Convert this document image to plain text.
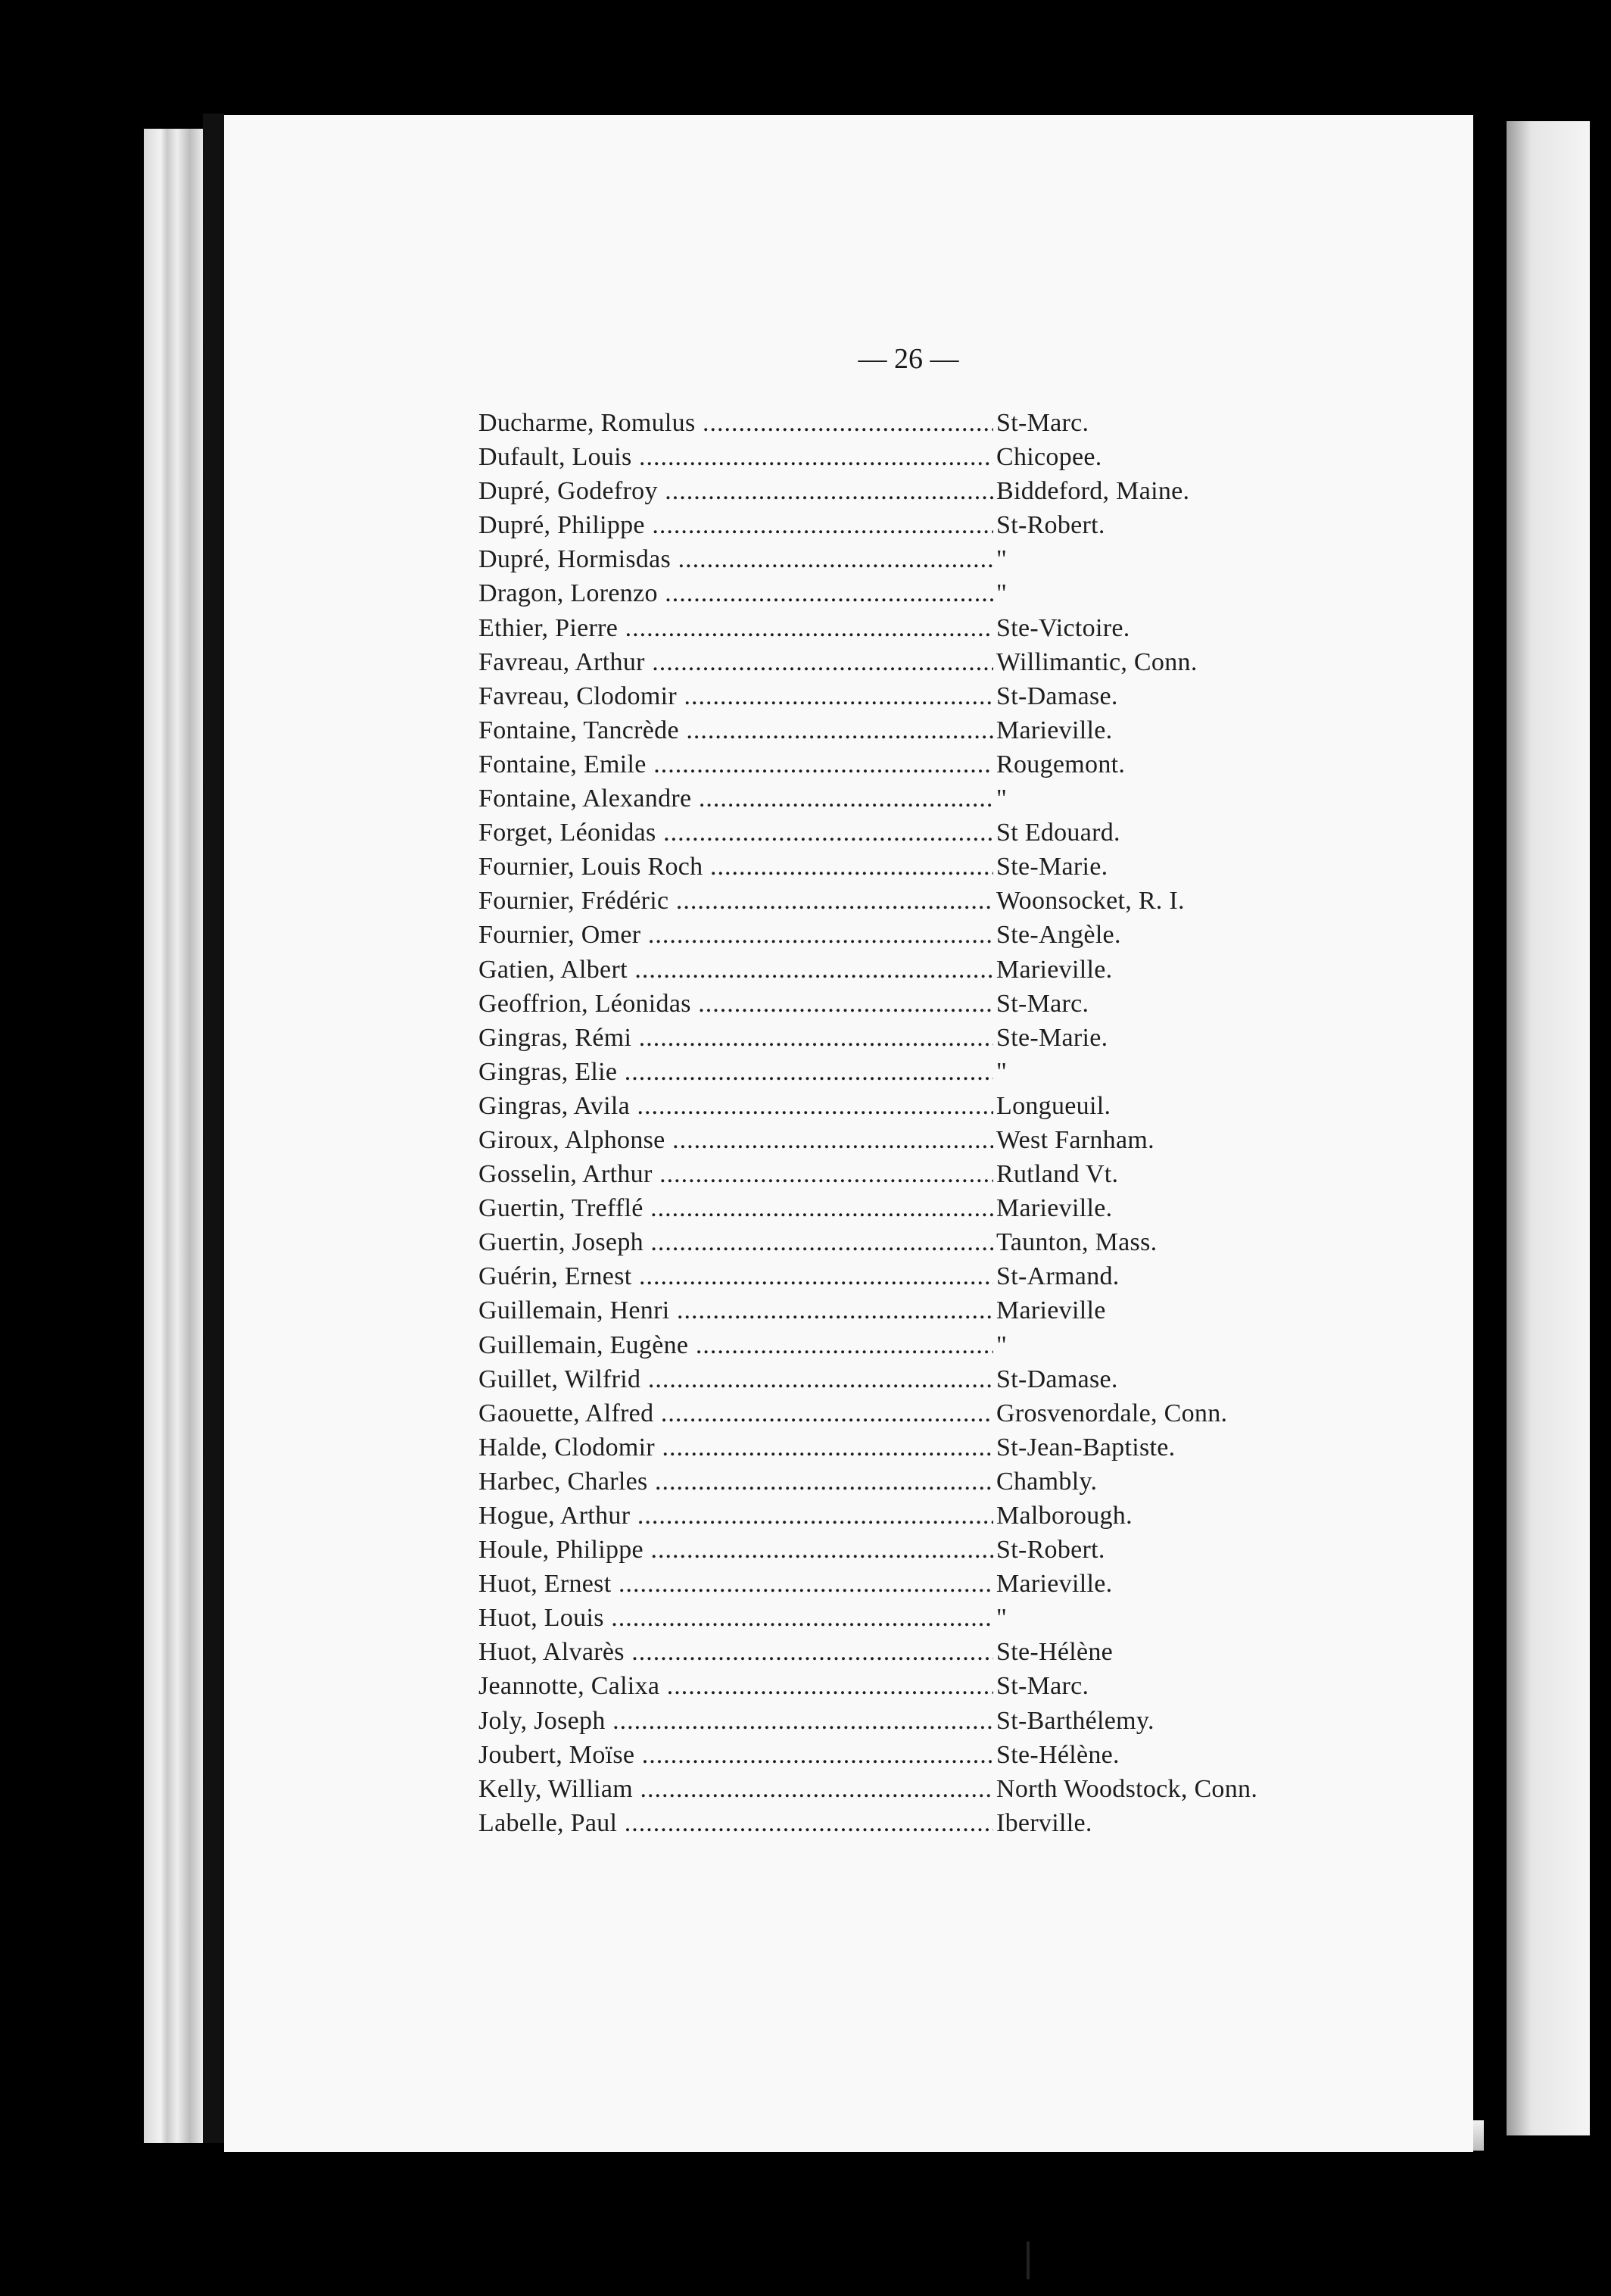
— 26 —
Ducharme, Romulus .....	St-Marc.
Dufault, Louis .....	Chicopee.
Dupré, Godefroy .....	Biddeford, Maine.
Dupré, Philippe .....	St-Robert.
Dupré, Hormisdas .....	"
Dragon, Lorenzo .....	"
Ethier, Pierre .....	Ste-Victoire.
Favreau, Arthur .....	Willimantic, Conn.
Favreau, Clodomir .....	St-Damase.
Fontaine, Tancrède .....	Marieville.
Fontaine, Emile .....	Rougemont.
Fontaine, Alexandre .....	"
Forget, Léonidas .....	St Edouard.
Fournier, Louis Roch .....	Ste-Marie.
Fournier, Frédéric .....	Woonsocket, R. I.
Fournier, Omer .....	Ste-Angèle.
Gatien, Albert .....	Marieville.
Geoffrion, Léonidas .....	St-Marc.
Gingras, Rémi .....	Ste-Marie.
Gingras, Elie .....	"
Gingras, Avila .....	Longueuil.
Giroux, Alphonse .....	West Farnham.
Gosselin, Arthur .....	Rutland Vt.
Guertin, Trefflé .....	Marieville.
Guertin, Joseph .....	Taunton, Mass.
Guérin, Ernest .....	St-Armand.
Guillemain, Henri .....	Marieville
Guillemain, Eugène .....	"
Guillet, Wilfrid .....	St-Damase.
Gaouette, Alfred .....	Grosvenordale, Conn.
Halde, Clodomir .....	St-Jean-Baptiste.
Harbec, Charles .....	Chambly.
Hogue, Arthur .....	Malborough.
Houle, Philippe .....	St-Robert.
Huot, Ernest .....	Marieville.
Huot, Louis .....	"
Huot, Alvarès .....	Ste-Hélène
Jeannotte, Calixa .....	St-Marc.
Joly, Joseph .....	St-Barthélemy.
Joubert, Moïse .....	Ste-Hélène.
Kelly, William .....	North Woodstock, Conn.
Labelle, Paul .....	Iberville.
